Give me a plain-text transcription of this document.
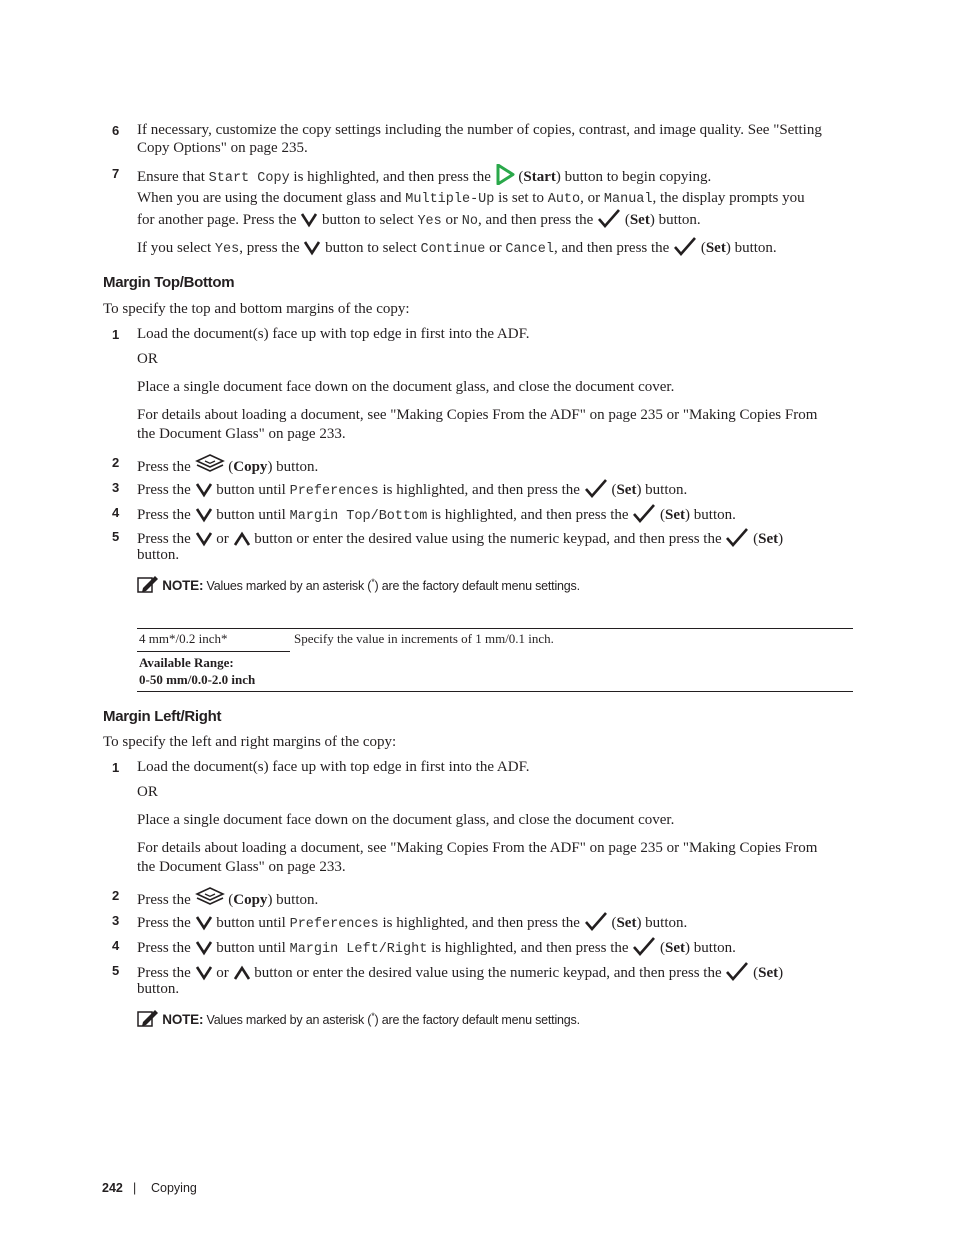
6 If necessary, customize the copy settings including the number of copies, contrast, and image quality. See "Setting
Copy Options" on page 235.
7 Ensure that Start Copy is highlighted, and then press the  (Start) button to begin copying.
When you are using the document glass and Multiple-Up is set to Auto, or Manual, the display prompts you
for another page. Press the  button to select Yes or No, and then press the  (Set) button.
If you select Yes, press the  button to select Continue or Cancel, and then press the  (Set) button.
Margin Top/Bottom
To specify the top and bottom margins of the copy:
1 Load the document(s) face up with top edge in first into the ADF.
OR
Place a single document face down on the document glass, and close the document cover.
For details about loading a document, see "Making Copies From the ADF" on page 235 or "Making Copies From
the Document Glass" on page 233.
2 Press the  (Copy) button.
3 Press the  button until Preferences is highlighted, and then press the  (Set) button.
4 Press the  button until Margin Top/Bottom is highlighted, and then press the  (Set) button.
5 Press the  or  button or enter the desired value using the numeric keypad, and then press the  (Set)
button.
NOTE: Values marked by an asterisk (*) are the factory default menu settings.
4 mm*/0.2 inch*	Specify the value in increments of 1 mm/0.1 inch.
Available Range:
0-50 mm/0.0-2.0 inch
Margin Left/Right
To specify the left and right margins of the copy:
1 Load the document(s) face up with top edge in first into the ADF.
OR
Place a single document face down on the document glass, and close the document cover.
For details about loading a document, see "Making Copies From the ADF" on page 235 or "Making Copies From
the Document Glass" on page 233.
2 Press the  (Copy) button.
3 Press the  button until Preferences is highlighted, and then press the  (Set) button.
4 Press the  button until Margin Left/Right is highlighted, and then press the  (Set) button.
5 Press the  or  button or enter the desired value using the numeric keypad, and then press the  (Set)
button.
NOTE: Values marked by an asterisk (*) are the factory default menu settings.
242 | Copying
